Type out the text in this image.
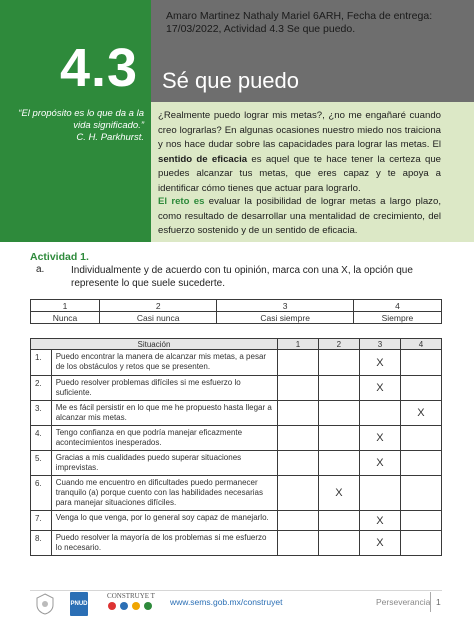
Amaro Martinez Nathaly Mariel 6ARH, Fecha de entrega: 17/03/2022, Actividad 4.3 Se que puedo.
4.3 Sé que puedo
“El propósito es lo que da a la vida significado.”
C. H. Parkhurst.
¿Realmente puedo lograr mis metas?, ¿no me engañaré cuando creo lograrlas? En algunas ocasiones nuestro miedo nos traiciona y nos hace dudar sobre las capacidades para lograr las metas. El sentido de eficacia es aquel que te hace tener la certeza que puedes alcanzar tus metas, que eres capaz y te apoya a identificar cómo tienes que actuar para lograrlo.
El reto es evaluar la posibilidad de lograr metas a largo plazo, como resultado de desarrollar una mentalidad de crecimiento, del esfuerzo sostenido y de un sentido de eficacia.
Actividad 1.
a.	Individualmente y de acuerdo con tu opinión, marca con una X, la opción que represente lo que suele sucederte.
1	2	3	4
Nunca	Casi nunca	Casi siempre	Siempre
Situación		1	2	3	4
1.	Puedo encontrar la manera de alcanzar mis metas, a pesar de los obstáculos y retos que se presenten.			X	
2.	Puedo resolver problemas difíciles si me esfuerzo lo suficiente.			X	
3.	Me es fácil persistir en lo que me he propuesto hasta llegar a alcanzar mis metas.				X
4.	Tengo confianza en que podría manejar eficazmente acontecimientos inesperados.			X	
5.	Gracias a mis cualidades puedo superar situaciones imprevistas.			X	
6.	Cuando me encuentro en dificultades puedo permanecer tranquilo (a) porque cuento con las habilidades necesarias para manejar situaciones difíciles.		X		
7.	Venga lo que venga, por lo general soy capaz de manejarlo.			X	
8.	Puedo resolver la mayoría de los problemas si me esfuerzo lo necesario.			X	
PNUD
CONSTRUYE T
www.sems.gob.mx/construyet	Perseverancia 1
